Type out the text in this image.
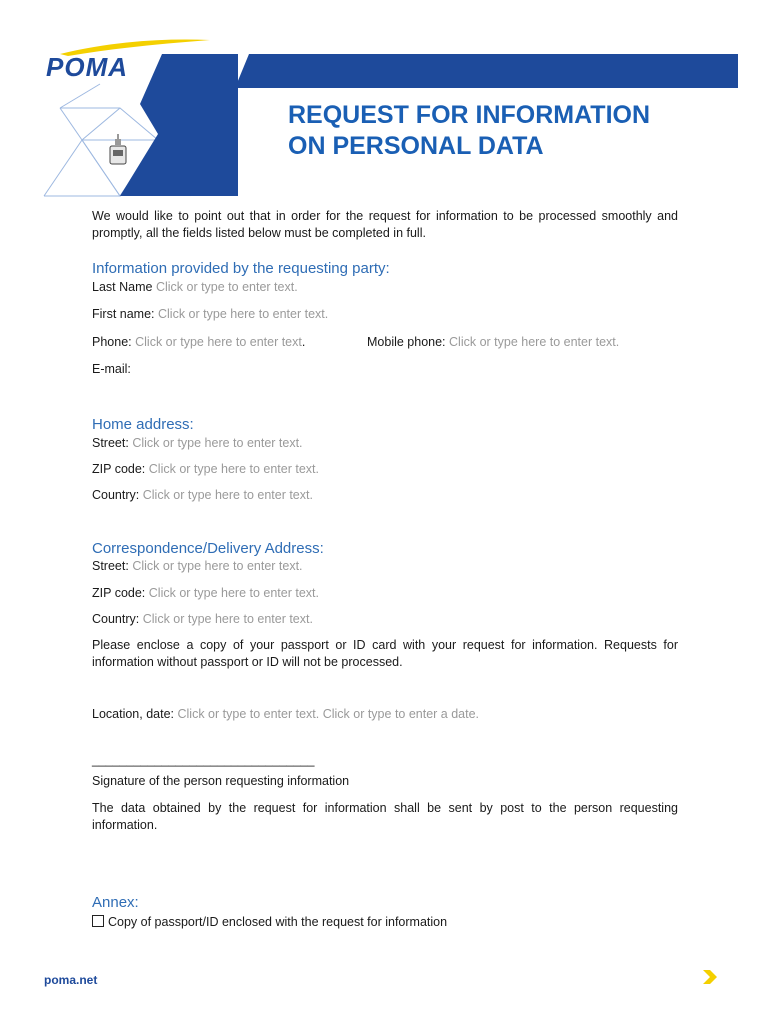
POMA
REQUEST FOR INFORMATION
ON PERSONAL DATA
We would like to point out that in order for the request for information to be processed smoothly and promptly, all the fields listed below must be completed in full.
Information provided by the requesting party:
Last Name Click or type to enter text.
First name: Click or type here to enter text.
Phone: Click or type here to enter text.	Mobile phone: Click or type here to enter text.
E-mail:
Home address:
Street: Click or type here to enter text.
ZIP code: Click or type here to enter text.
Country: Click or type here to enter text.
Correspondence/Delivery Address:
Street: Click or type here to enter text.
ZIP code: Click or type here to enter text.
Country: Click or type here to enter text.
Please enclose a copy of your passport or ID card with your request for information. Requests for information without passport or ID will not be processed.
Location, date: Click or type to enter text. Click or type to enter a date.
________________________________
Signature of the person requesting information
The data obtained by the request for information shall be sent by post to the person requesting information.
Annex:
Copy of passport/ID enclosed with the request for information
poma.net
